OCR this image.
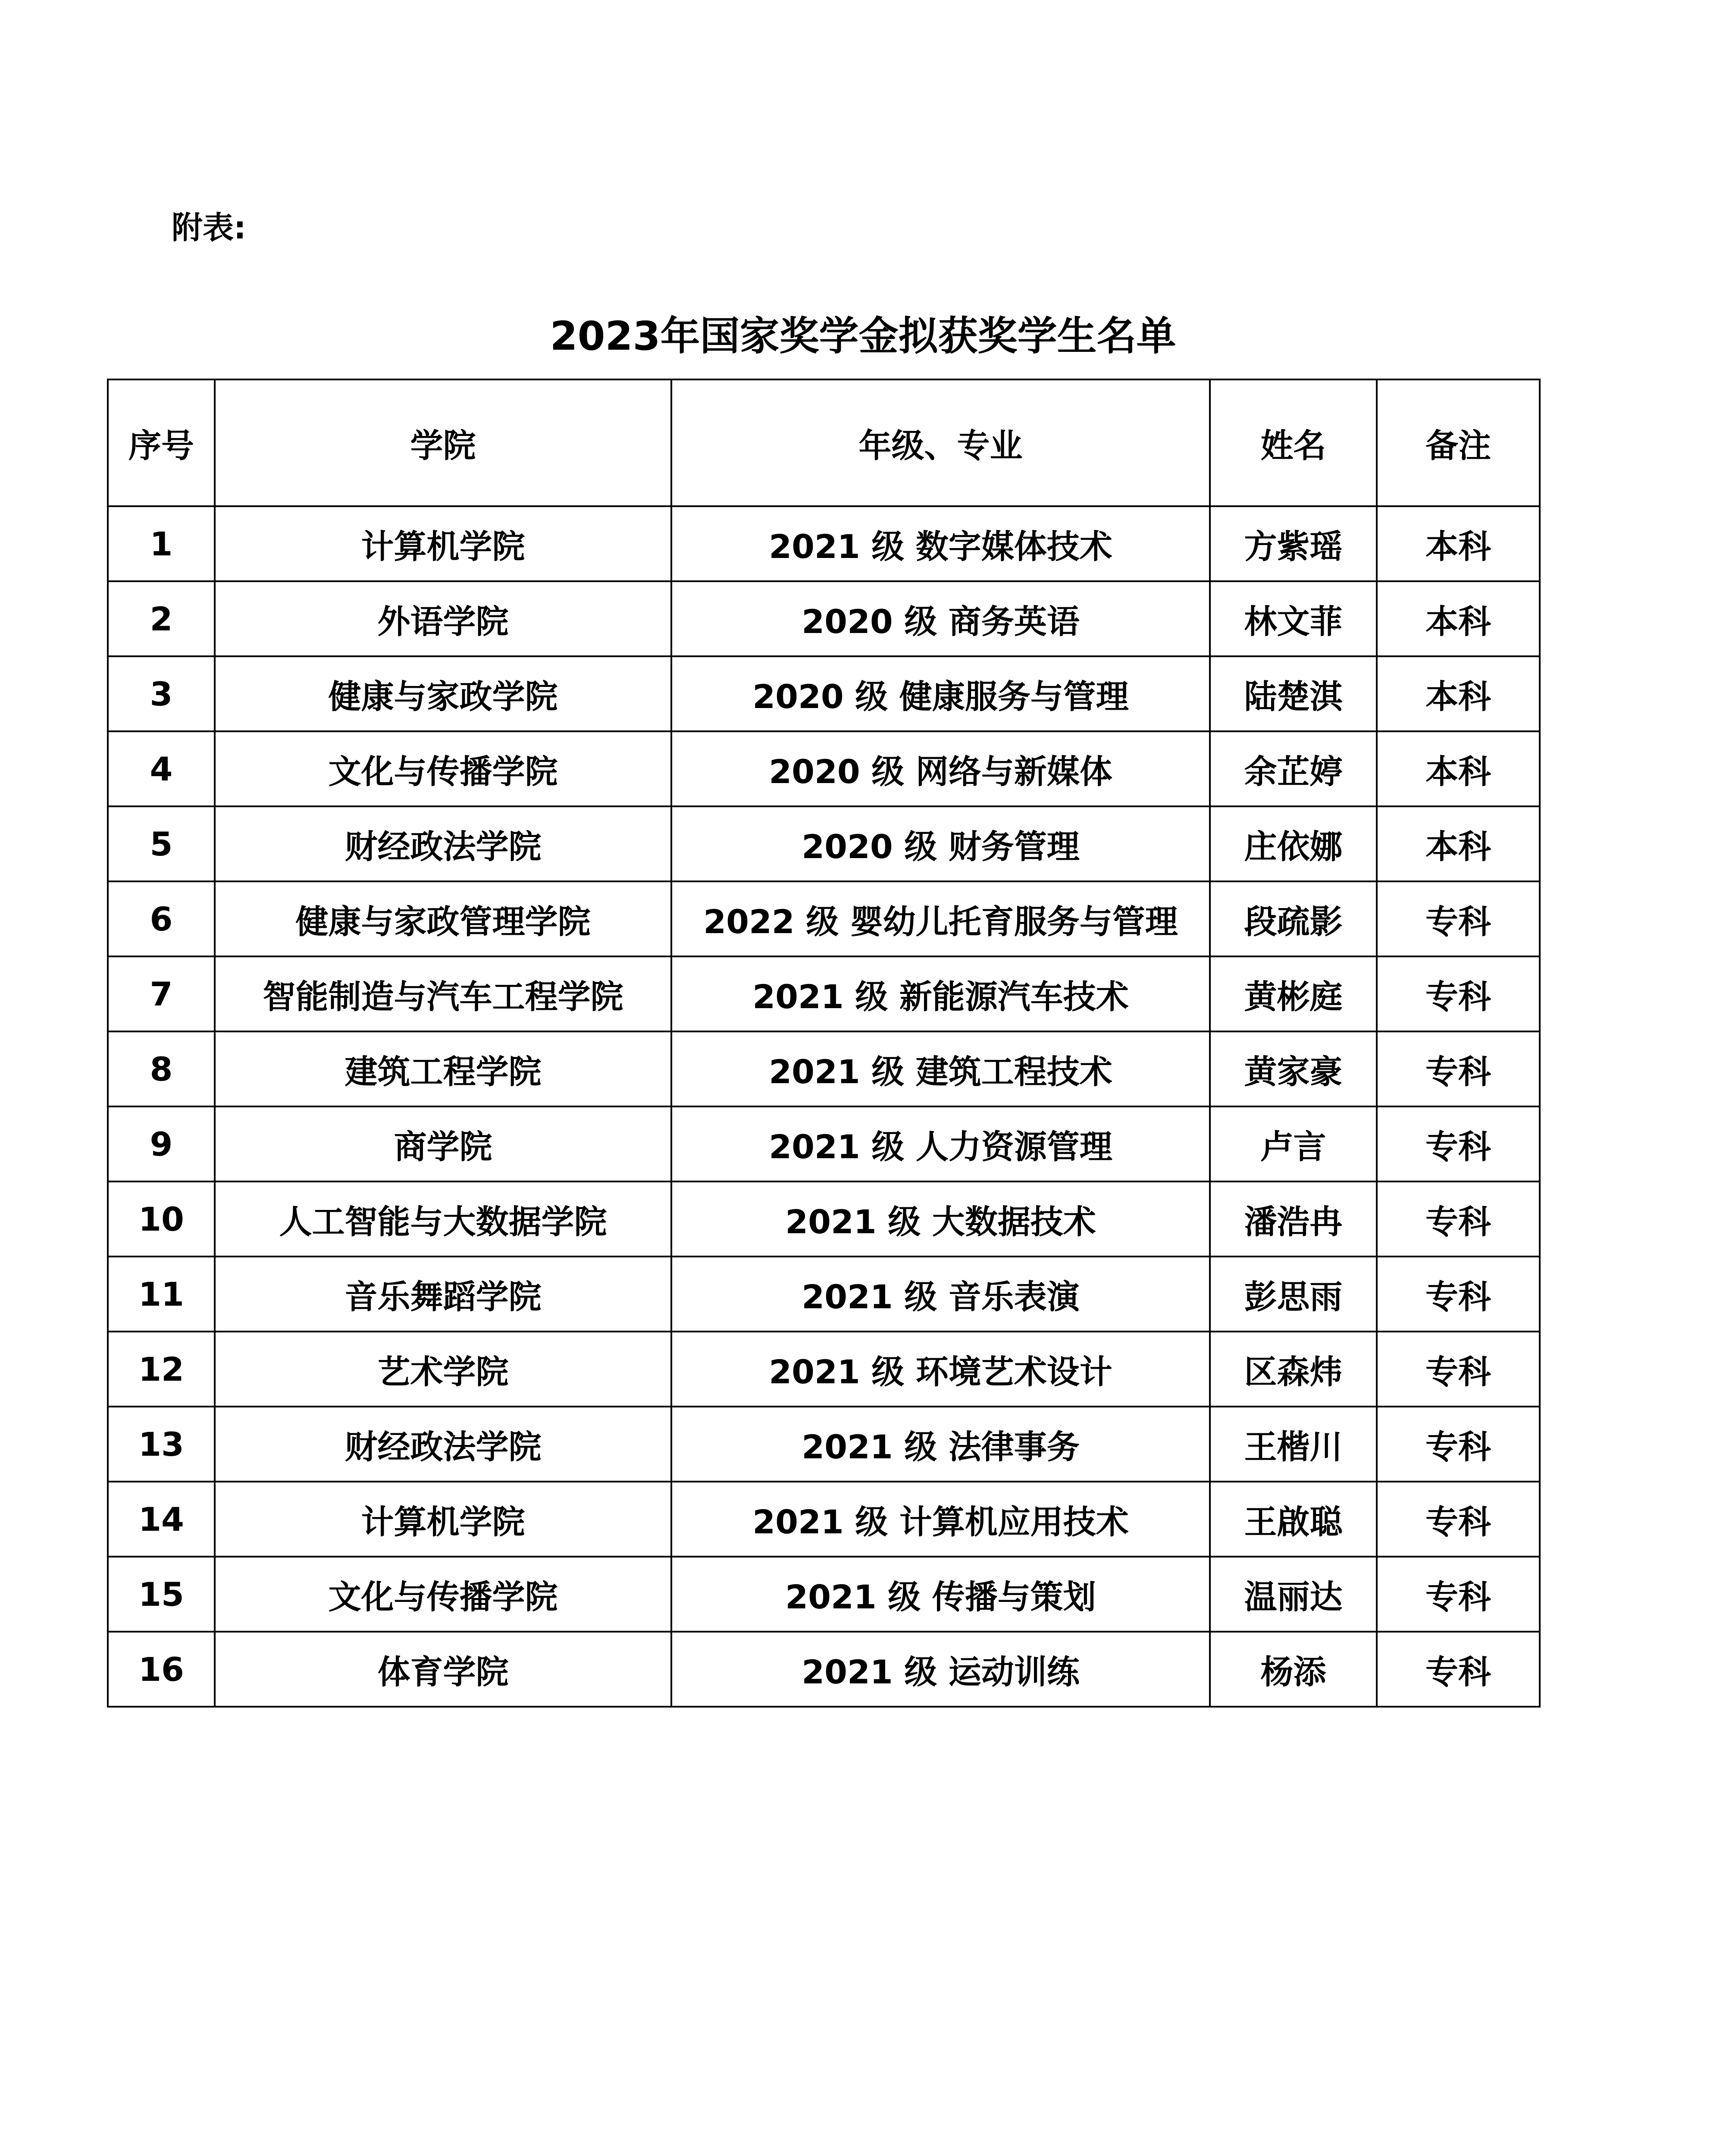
附表:
2023年国家奖学金拟获奖学生名单
序号	学院	年级、专业	姓名	备注
1	计算机学院	2021 级 数字媒体技术	方紫瑶	本科
2	外语学院	2020 级 商务英语	林文菲	本科
3	健康与家政学院	2020 级 健康服务与管理	陆楚淇	本科
4	文化与传播学院	2020 级 网络与新媒体	余芷婷	本科
5	财经政法学院	2020 级 财务管理	庄依娜	本科
6	健康与家政管理学院	2022 级 婴幼儿托育服务与管理	段疏影	专科
7	智能制造与汽车工程学院	2021 级 新能源汽车技术	黄彬庭	专科
8	建筑工程学院	2021 级 建筑工程技术	黄家豪	专科
9	商学院	2021 级 人力资源管理	卢言	专科
10	人工智能与大数据学院	2021 级 大数据技术	潘浩冉	专科
11	音乐舞蹈学院	2021 级 音乐表演	彭思雨	专科
12	艺术学院	2021 级 环境艺术设计	区森炜	专科
13	财经政法学院	2021 级 法律事务	王楷川	专科
14	计算机学院	2021 级 计算机应用技术	王啟聪	专科
15	文化与传播学院	2021 级 传播与策划	温丽达	专科
16	体育学院	2021 级 运动训练	杨添	专科
